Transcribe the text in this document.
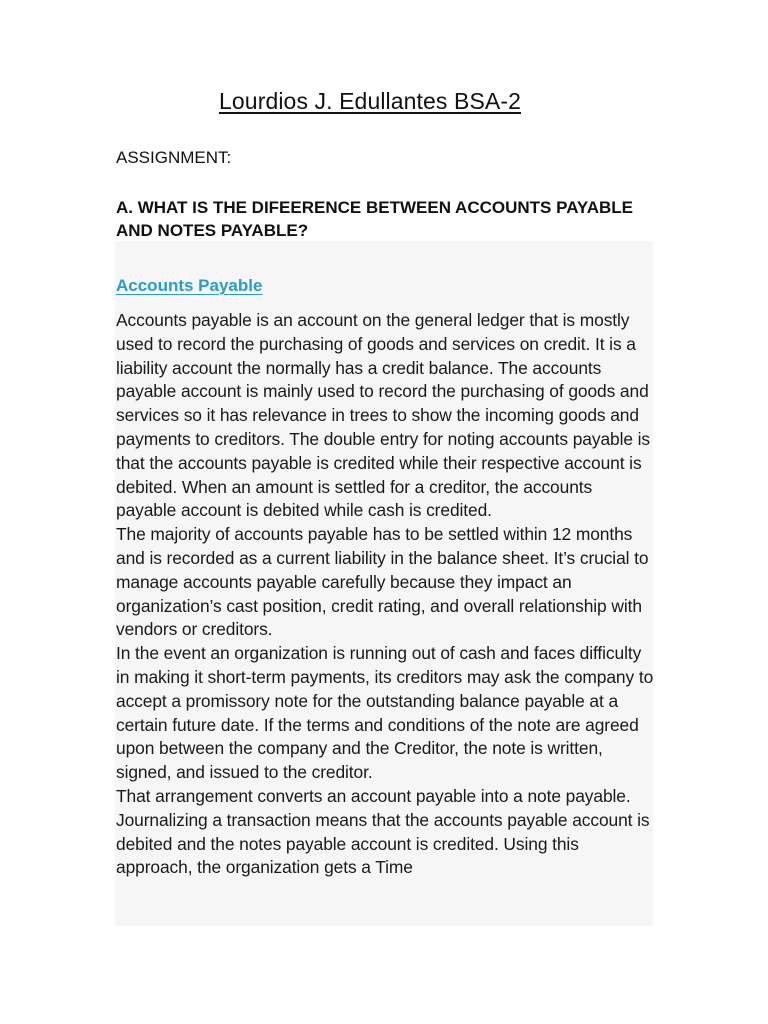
Lourdios J. Edullantes BSA-2
ASSIGNMENT:
A. WHAT IS THE DIFEERENCE BETWEEN ACCOUNTS PAYABLE AND NOTES PAYABLE?
Accounts Payable

Accounts payable is an account on the general ledger that is mostly used to record the purchasing of goods and services on credit. It is a liability account the normally has a credit balance. The accounts payable account is mainly used to record the purchasing of goods and services so it has relevance in trees to show the incoming goods and payments to creditors. The double entry for noting accounts payable is that the accounts payable is credited while their respective account is debited. When an amount is settled for a creditor, the accounts payable account is debited while cash is credited.

The majority of accounts payable has to be settled within 12 months and is recorded as a current liability in the balance sheet. It’s crucial to manage accounts payable carefully because they impact an organization’s cast position, credit rating, and overall relationship with vendors or creditors.

In the event an organization is running out of cash and faces difficulty in making it short-term payments, its creditors may ask the company to accept a promissory note for the outstanding balance payable at a certain future date. If the terms and conditions of the note are agreed upon between the company and the Creditor, the note is written, signed, and issued to the creditor.

That arrangement converts an account payable into a note payable. Journalizing a transaction means that the accounts payable account is debited and the notes payable account is credited. Using this approach, the organization gets a Time
